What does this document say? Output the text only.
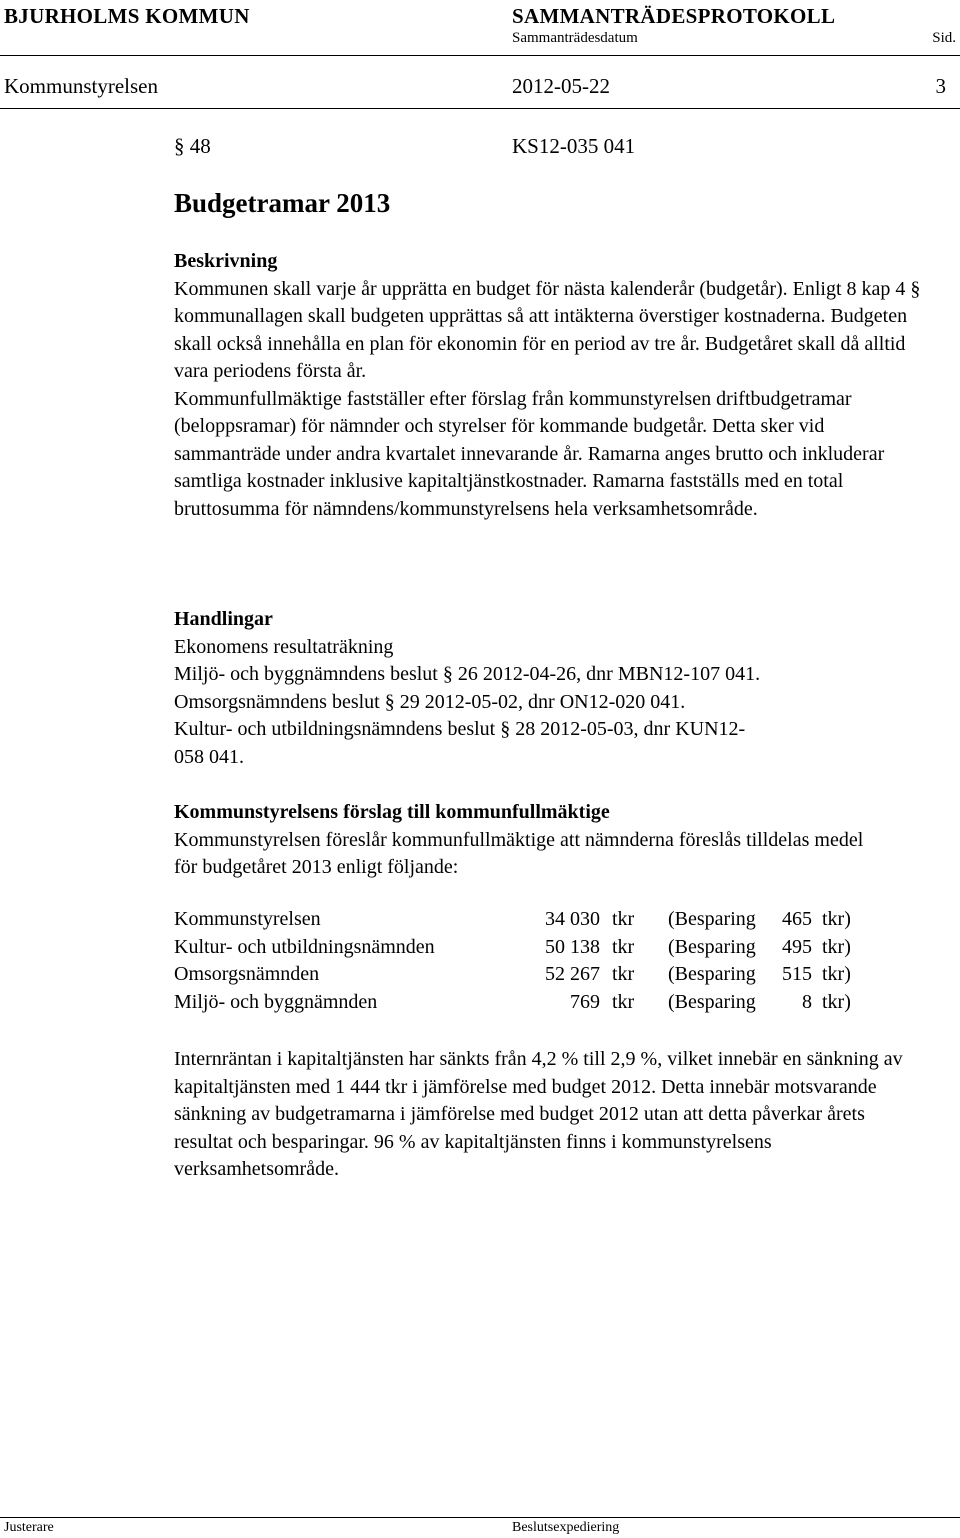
BJURHOLMS KOMMUN	SAMMANTRÄDESPROTOKOLL
Sammanträdesdatum	Sid.
Kommunstyrelsen	2012-05-22	3
§ 48	KS12-035 041
Budgetramar 2013
Beskrivning

Kommunen skall varje år upprätta en budget för nästa kalenderår (budgetår). Enligt 8 kap 4 § kommunallagen skall budgeten upprättas så att intäkterna överstiger kostnaderna. Budgeten skall också innehålla en plan för ekonomin för en period av tre år. Budgetåret skall då alltid vara periodens första år.

Kommunfullmäktige fastställer efter förslag från kommunstyrelsen driftbudgetramar (beloppsramar) för nämnder och styrelser för kommande budgetår. Detta sker vid sammanträde under andra kvartalet innevarande år. Ramarna anges brutto och inkluderar samtliga kostnader inklusive kapitaltjänstkostnader. Ramarna fastställs med en total bruttosumma för nämndens/kommunstyrelsens hela verksamhetsområde.

Handlingar
Ekonomens resultaträkning
Miljö- och byggnämndens beslut § 26 2012-04-26, dnr MBN12-107 041.
Omsorgsnämndens beslut § 29 2012-05-02, dnr ON12-020 041.
Kultur- och utbildningsnämndens beslut § 28 2012-05-03, dnr KUN12-058 041.
Kommunstyrelsens förslag till kommunfullmäktige

Kommunstyrelsen föreslår kommunfullmäktige att nämnderna föreslås tilldelas medel för budgetåret 2013 enligt följande:

Kommunstyrelsen	34 030	tkr	(Besparing	465	tkr)
Kultur- och utbildningsnämnden	50 138	tkr	(Besparing	495	tkr)
Omsorgsnämnden	52 267	tkr	(Besparing	515	tkr)
Miljö- och byggnämnden	769	tkr	(Besparing	8	tkr)

Internräntan i kapitaltjänsten har sänkts från 4,2 % till 2,9 %, vilket innebär en sänkning av kapitaltjänsten med 1 444 tkr i jämförelse med budget 2012. Detta innebär motsvarande sänkning av budgetramarna i jämförelse med budget 2012 utan att detta påverkar årets resultat och besparingar. 96 % av kapitaltjänsten finns i kommunstyrelsens verksamhetsområde.

Justerare	Beslutsexpediering
